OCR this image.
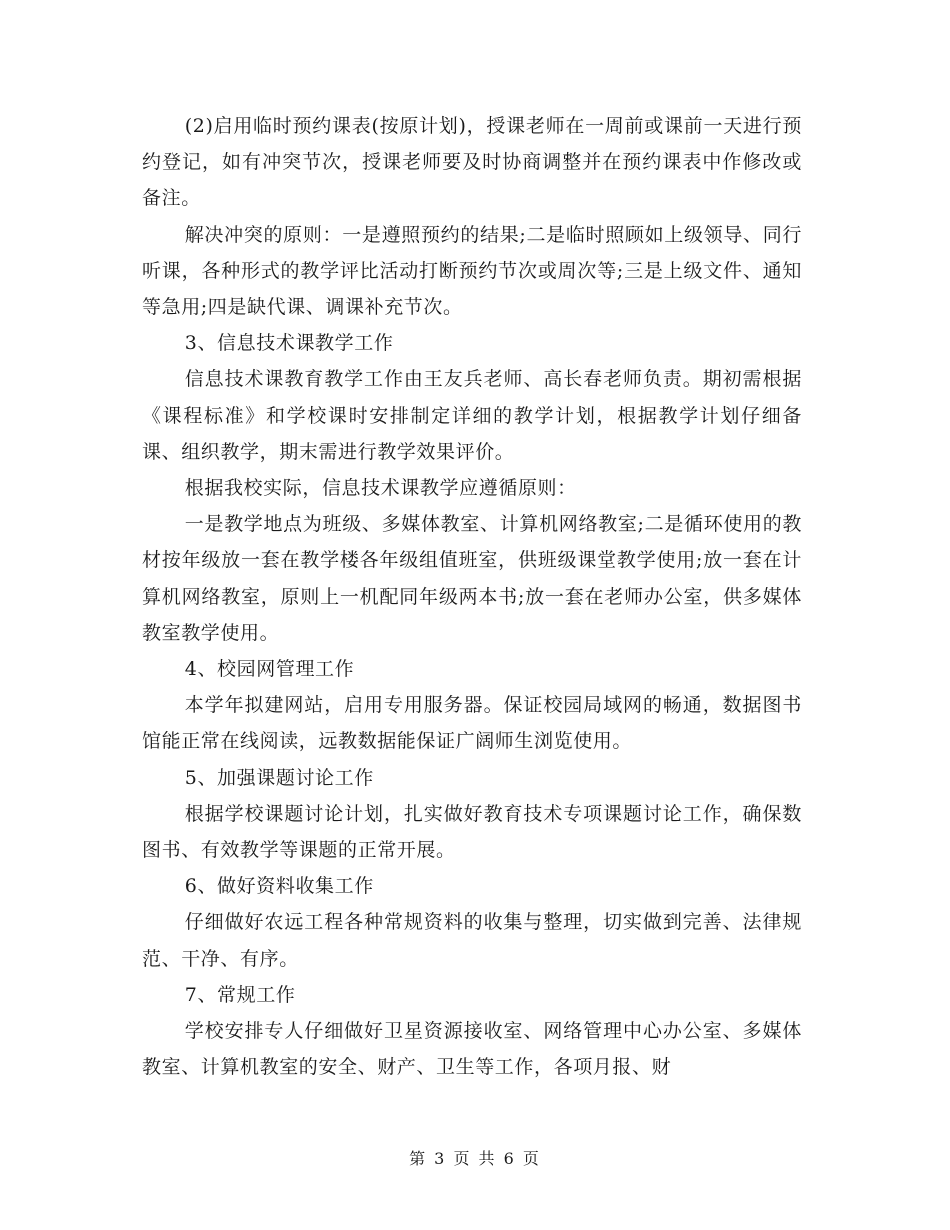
(2)启用临时预约课表(按原计划)，授课老师在一周前或课前一天进行预约登记，如有冲突节次，授课老师要及时协商调整并在预约课表中作修改或备注。

解决冲突的原则：一是遵照预约的结果;二是临时照顾如上级领导、同行听课，各种形式的教学评比活动打断预约节次或周次等;三是上级文件、通知等急用;四是缺代课、调课补充节次。

3、信息技术课教学工作

信息技术课教育教学工作由王友兵老师、高长春老师负责。期初需根据《课程标准》和学校课时安排制定详细的教学计划，根据教学计划仔细备课、组织教学，期末需进行教学效果评价。

根据我校实际，信息技术课教学应遵循原则：

一是教学地点为班级、多媒体教室、计算机网络教室;二是循环使用的教材按年级放一套在教学楼各年级组值班室，供班级课堂教学使用;放一套在计算机网络教室，原则上一机配同年级两本书;放一套在老师办公室，供多媒体教室教学使用。

4、校园网管理工作

本学年拟建网站，启用专用服务器。保证校园局域网的畅通，数据图书馆能正常在线阅读，远教数据能保证广阔师生浏览使用。

5、加强课题讨论工作

根据学校课题讨论计划，扎实做好教育技术专项课题讨论工作，确保数图书、有效教学等课题的正常开展。

6、做好资料收集工作

仔细做好农远工程各种常规资料的收集与整理，切实做到完善、法律规范、干净、有序。

7、常规工作

学校安排专人仔细做好卫星资源接收室、网络管理中心办公室、多媒体教室、计算机教室的安全、财产、卫生等工作，各项月报、财

第 3 页 共 6 页
